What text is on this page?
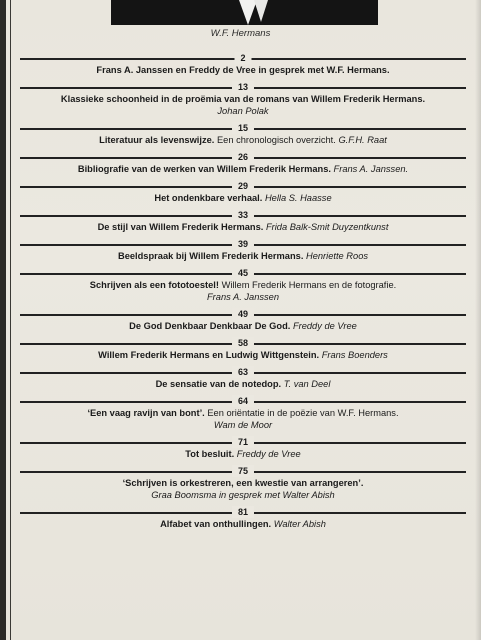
W.F. Hermans
2
Frans A. Janssen en Freddy de Vree in gesprek met W.F. Hermans.
13
Klassieke schoonheid in de proëmia van de romans van Willem Frederik Hermans.
Johan Polak
15
Literatuur als levenswijze. Een chronologisch overzicht. G.F.H. Raat
26
Bibliografie van de werken van Willem Frederik Hermans. Frans A. Janssen.
29
Het ondenkbare verhaal. Hella S. Haasse
33
De stijl van Willem Frederik Hermans. Frida Balk-Smit Duyzentkunst
39
Beeldspraak bij Willem Frederik Hermans. Henriette Roos
45
Schrijven als een fototoestel! Willem Frederik Hermans en de fotografie.
Frans A. Janssen
49
De God Denkbaar Denkbaar De God. Freddy de Vree
58
Willem Frederik Hermans en Ludwig Wittgenstein. Frans Boenders
63
De sensatie van de notedop. T. van Deel
64
‘Een vaag ravijn van bont’. Een oriëntatie in de poëzie van W.F. Hermans.
Wam de Moor
71
Tot besluit. Freddy de Vree
75
‘Schrijven is orkestreren, een kwestie van arrangeren’.
Graa Boomsma in gesprek met Walter Abish
81
Alfabet van onthullingen. Walter Abish
